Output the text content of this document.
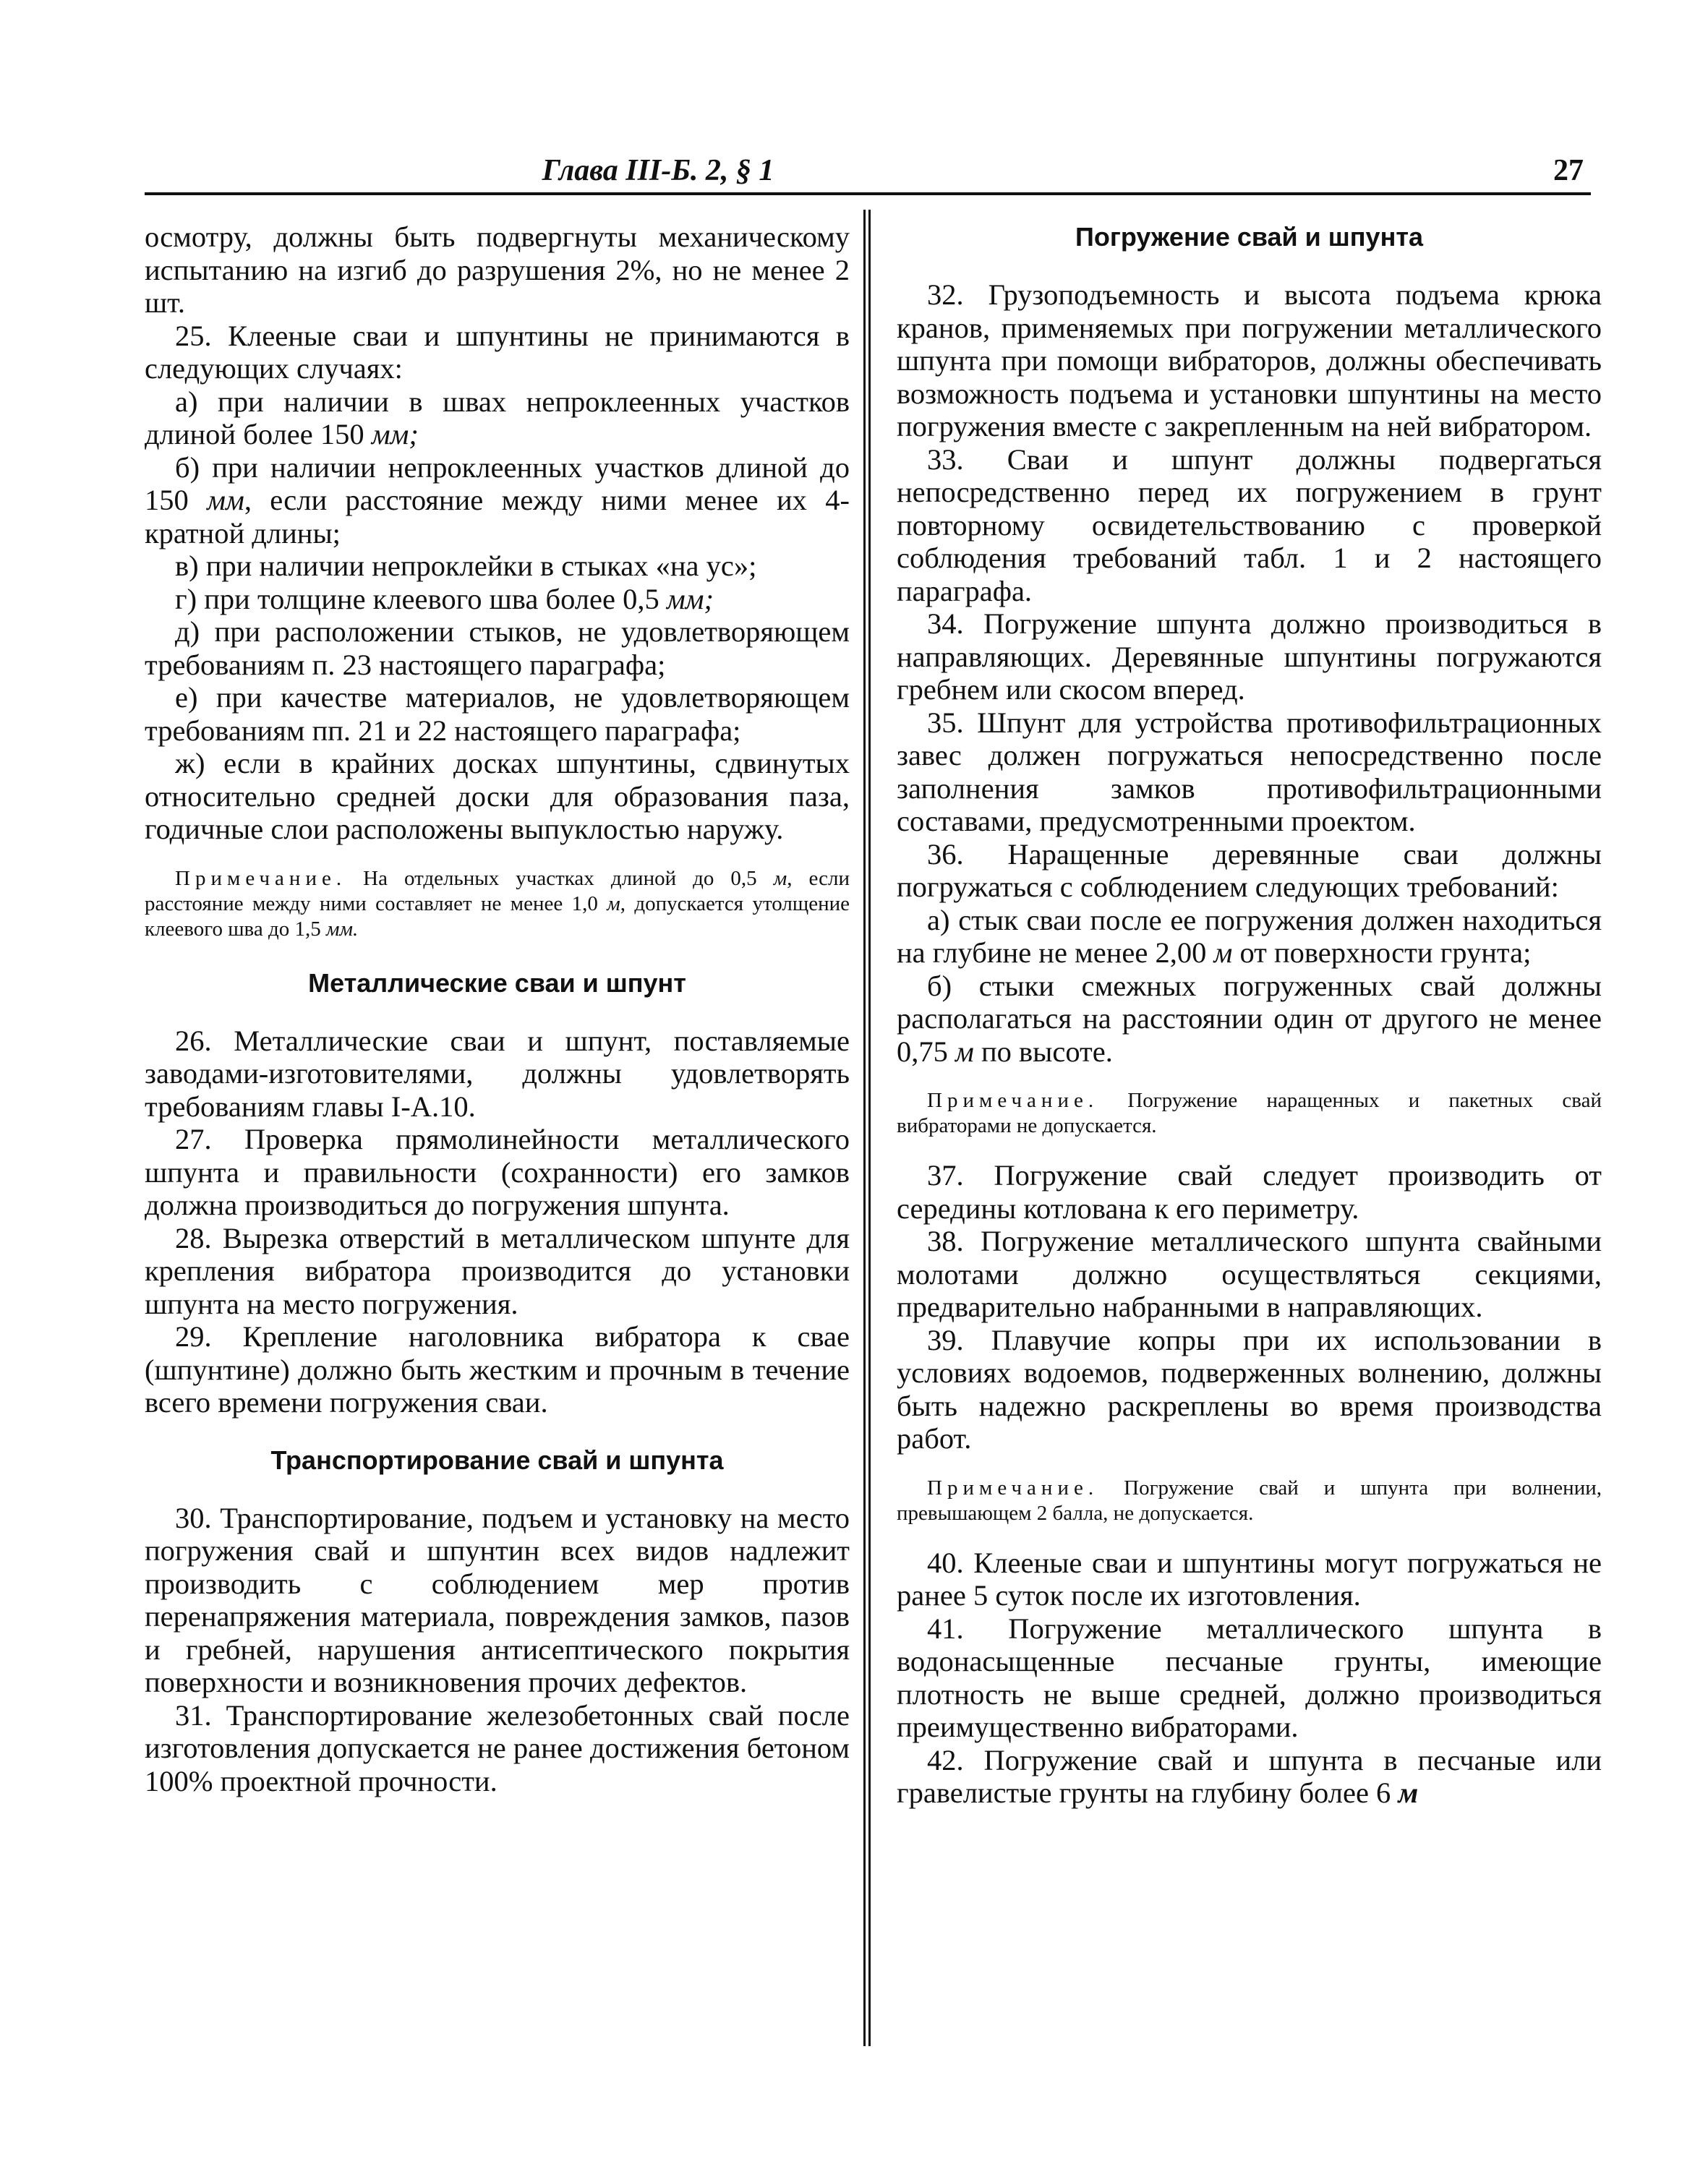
Глава III-Б. 2, § 1	27

осмотру, должны быть подвергнуты механическому испытанию на изгиб до разрушения 2%, но не менее 2 шт.

25. Клееные сваи и шпунтины не принимаются в следующих случаях:

а) при наличии в швах непроклеенных участков длиной более 150 мм;

б) при наличии непроклеенных участков длиной до 150 мм, если расстояние между ними менее их 4-кратной длины;

в) при наличии непроклейки в стыках «на ус»;

г) при толщине клеевого шва более 0,5 мм;

д) при расположении стыков, не удовлетворяющем требованиям п. 23 настоящего параграфа;

е) при качестве материалов, не удовлетворяющем требованиям пп. 21 и 22 настоящего параграфа;

ж) если в крайних досках шпунтины, сдвинутых относительно средней доски для образования паза, годичные слои расположены выпуклостью наружу.

Примечание. На отдельных участках длиной до 0,5 м, если расстояние между ними составляет не менее 1,0 м, допускается утолщение клеевого шва до 1,5 мм.

Металлические сваи и шпунт

26. Металлические сваи и шпунт, поставляемые заводами-изготовителями, должны удовлетворять требованиям главы I-А.10.

27. Проверка прямолинейности металлического шпунта и правильности (сохранности) его замков должна производиться до погружения шпунта.

28. Вырезка отверстий в металлическом шпунте для крепления вибратора производится до установки шпунта на место погружения.

29. Крепление наголовника вибратора к свае (шпунтине) должно быть жестким и прочным в течение всего времени погружения сваи.

Транспортирование свай и шпунта

30. Транспортирование, подъем и установку на место погружения свай и шпунтин всех видов надлежит производить с соблюдением мер против перенапряжения материала, повреждения замков, пазов и гребней, нарушения антисептического покрытия поверхности и возникновения прочих дефектов.

31. Транспортирование железобетонных свай после изготовления допускается не ранее достижения бетоном 100% проектной прочности.

Погружение свай и шпунта

32. Грузоподъемность и высота подъема крюка кранов, применяемых при погружении металлического шпунта при помощи вибраторов, должны обеспечивать возможность подъема и установки шпунтины на место погружения вместе с закрепленным на ней вибратором.

33. Сваи и шпунт должны подвергаться непосредственно перед их погружением в грунт повторному освидетельствованию с проверкой соблюдения требований табл. 1 и 2 настоящего параграфа.

34. Погружение шпунта должно производиться в направляющих. Деревянные шпунтины погружаются гребнем или скосом вперед.

35. Шпунт для устройства противофильтрационных завес должен погружаться непосредственно после заполнения замков противофильтрационными составами, предусмотренными проектом.

36. Наращенные деревянные сваи должны погружаться с соблюдением следующих требований:

а) стык сваи после ее погружения должен находиться на глубине не менее 2,00 м от поверхности грунта;

б) стыки смежных погруженных свай должны располагаться на расстоянии один от другого не менее 0,75 м по высоте.

Примечание. Погружение наращенных и пакетных свай вибраторами не допускается.

37. Погружение свай следует производить от середины котлована к его периметру.

38. Погружение металлического шпунта свайными молотами должно осуществляться секциями, предварительно набранными в направляющих.

39. Плавучие копры при их использовании в условиях водоемов, подверженных волнению, должны быть надежно раскреплены во время производства работ.

Примечание. Погружение свай и шпунта при волнении, превышающем 2 балла, не допускается.

40. Клееные сваи и шпунтины могут погружаться не ранее 5 суток после их изготовления.

41. Погружение металлического шпунта в водонасыщенные песчаные грунты, имеющие плотность не выше средней, должно производиться преимущественно вибраторами.

42. Погружение свай и шпунта в песчаные или гравелистые грунты на глубину более 6 м
